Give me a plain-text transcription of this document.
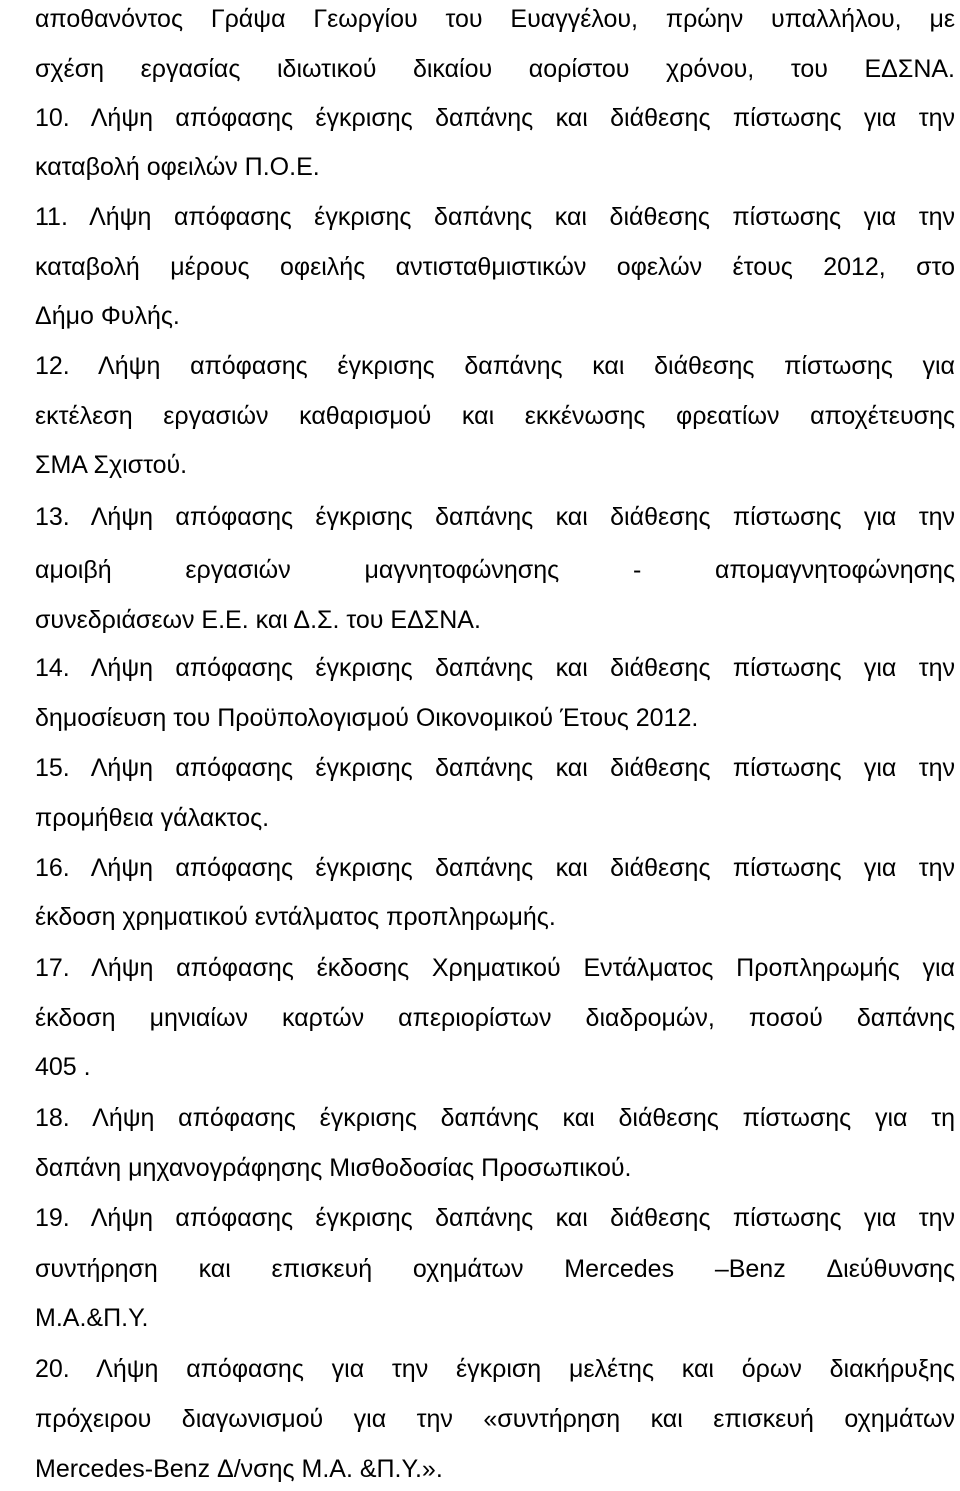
αποθανόντος Γράψα Γεωργίου του Ευαγγέλου, πρώην υπαλλήλου, με
σχέση εργασίας ιδιωτικού δικαίου αορίστου χρόνου, του ΕΔΣΝΑ.
10. Λήψη απόφασης έγκρισης δαπάνης και διάθεσης πίστωσης για την
καταβολή οφειλών Π.Ο.Ε.
11. Λήψη απόφασης έγκρισης δαπάνης και διάθεσης πίστωσης για την
καταβολή μέρους οφειλής αντισταθμιστικών οφελών έτους 2012, στο
Δήμο Φυλής.
12. Λήψη απόφασης έγκρισης δαπάνης και διάθεσης πίστωσης για
εκτέλεση εργασιών καθαρισμού και εκκένωσης φρεατίων αποχέτευσης
ΣΜΑ Σχιστού.
13. Λήψη απόφασης έγκρισης δαπάνης και διάθεσης πίστωσης για την
αμοιβή εργασιών μαγνητοφώνησης - απομαγνητοφώνησης
συνεδριάσεων Ε.Ε. και Δ.Σ. του ΕΔΣΝΑ.
14. Λήψη απόφασης έγκρισης δαπάνης και διάθεσης πίστωσης για την
δημοσίευση του Προϋπολογισμού Οικονομικού Έτους 2012.
15. Λήψη απόφασης έγκρισης δαπάνης και διάθεσης πίστωσης για την
προμήθεια γάλακτος.
16. Λήψη απόφασης έγκρισης δαπάνης και διάθεσης πίστωσης για την
έκδοση χρηματικού εντάλματος προπληρωμής.
17. Λήψη απόφασης έκδοσης Χρηματικού Εντάλματος Προπληρωμής για
έκδοση μηνιαίων καρτών απεριορίστων διαδρομών, ποσού δαπάνης
405 .
18. Λήψη απόφασης έγκρισης δαπάνης και διάθεσης πίστωσης για τη
δαπάνη μηχανογράφησης Μισθοδοσίας Προσωπικού.
19. Λήψη απόφασης έγκρισης δαπάνης και διάθεσης πίστωσης για την
συντήρηση και επισκευή οχημάτων Mercedes –Benz Διεύθυνσης
Μ.Α.&Π.Υ.
20. Λήψη απόφασης για την έγκριση μελέτης και όρων διακήρυξης
πρόχειρου διαγωνισμού για την «συντήρηση και επισκευή οχημάτων
Mercedes-Benz Δ/νσης Μ.Α. &Π.Υ.».
